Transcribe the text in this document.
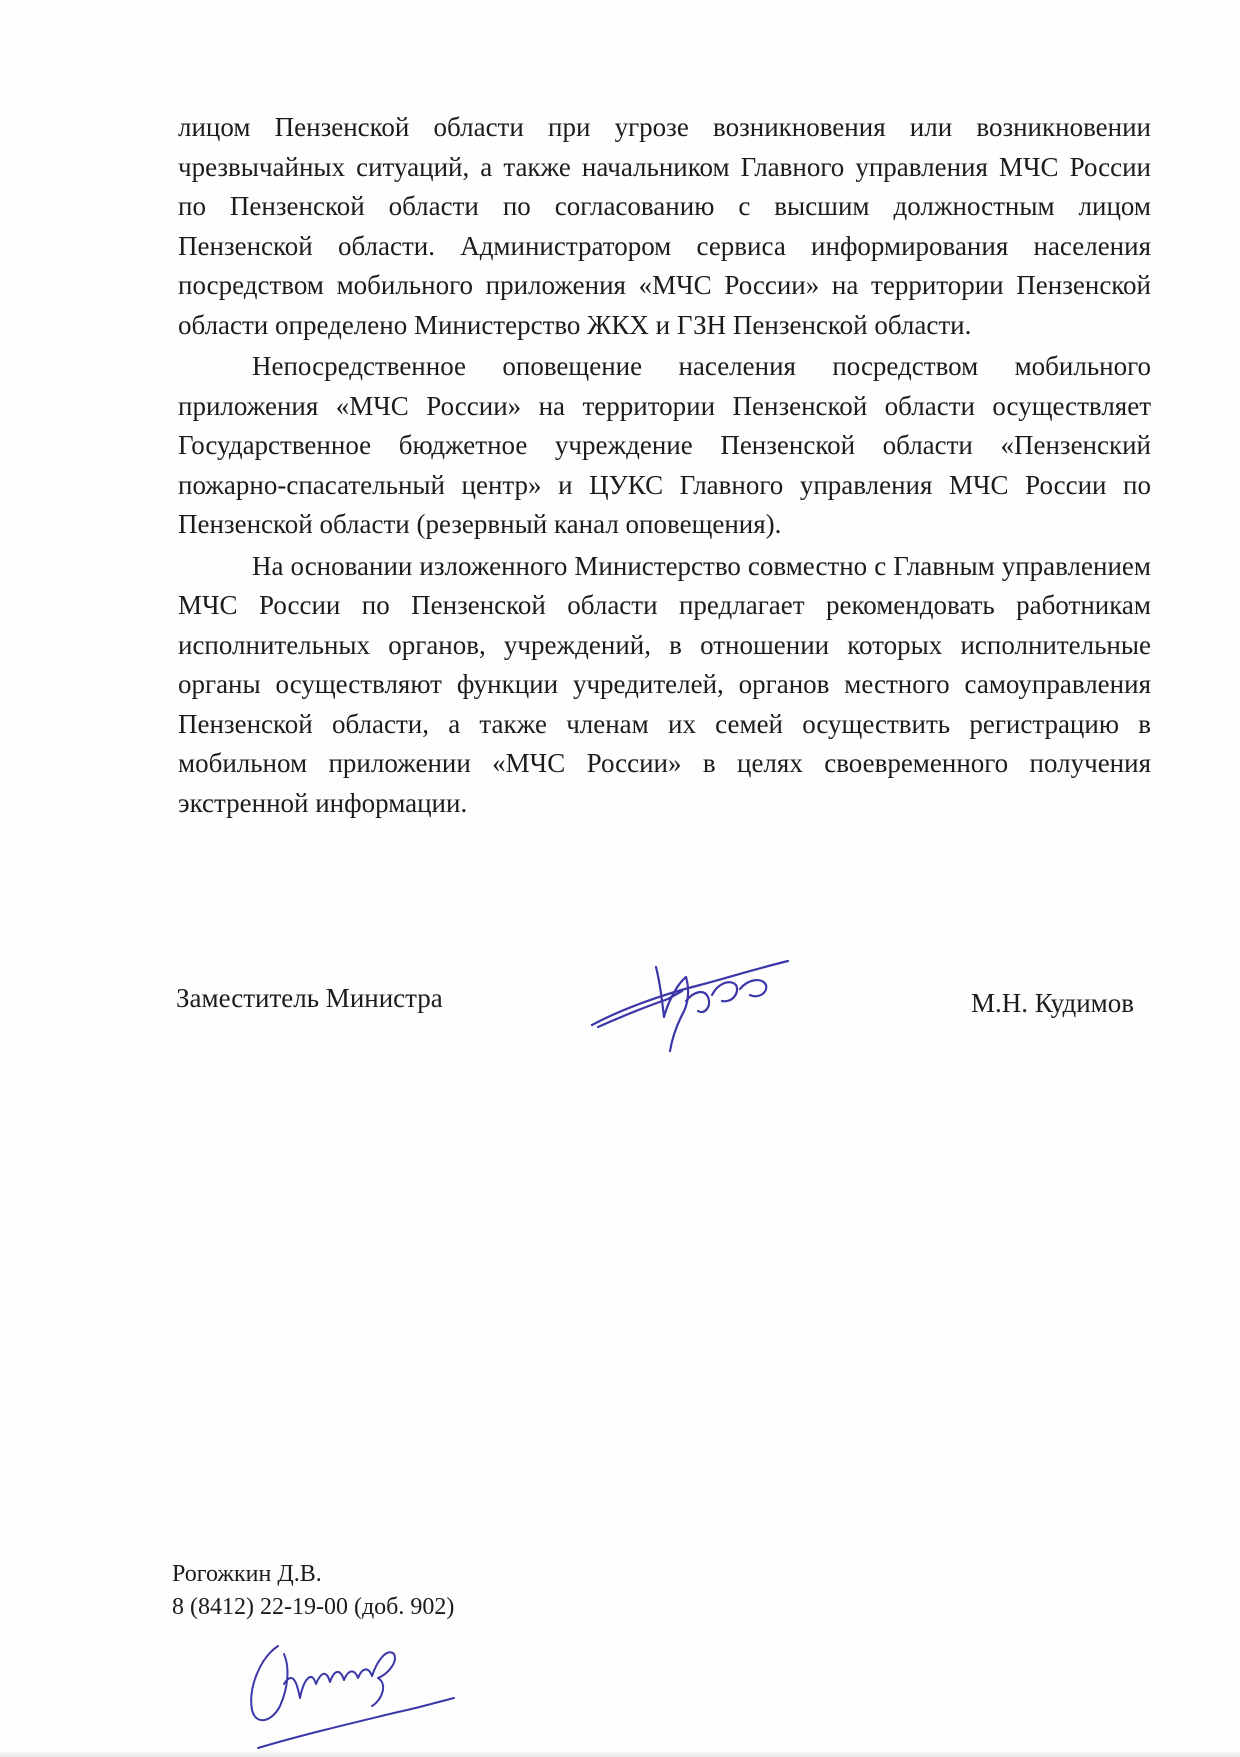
лицом Пензенской области при угрозе возникновения или возникновении чрезвычайных ситуаций, а также начальником Главного управления МЧС России по Пензенской области по согласованию с высшим должностным лицом Пензенской области. Администратором сервиса информирования населения посредством мобильного приложения «МЧС России» на территории Пензенской области определено Министерство ЖКХ и ГЗН Пензенской области.

Непосредственное оповещение населения посредством мобильного приложения «МЧС России» на территории Пензенской области осуществляет Государственное бюджетное учреждение Пензенской области «Пензенский пожарно-спасательный центр» и ЦУКС Главного управления МЧС России по Пензенской области (резервный канал оповещения).

На основании изложенного Министерство совместно с Главным управлением МЧС России по Пензенской области предлагает рекомендовать работникам исполнительных органов, учреждений, в отношении которых исполнительные органы осуществляют функции учредителей, органов местного самоуправления Пензенской области, а также членам их семей осуществить регистрацию в мобильном приложении «МЧС России» в целях своевременного получения экстренной информации.

Заместитель Министра	М.Н. Кудимов
Рогожкин Д.В.
8 (8412) 22-19-00 (доб. 902)
